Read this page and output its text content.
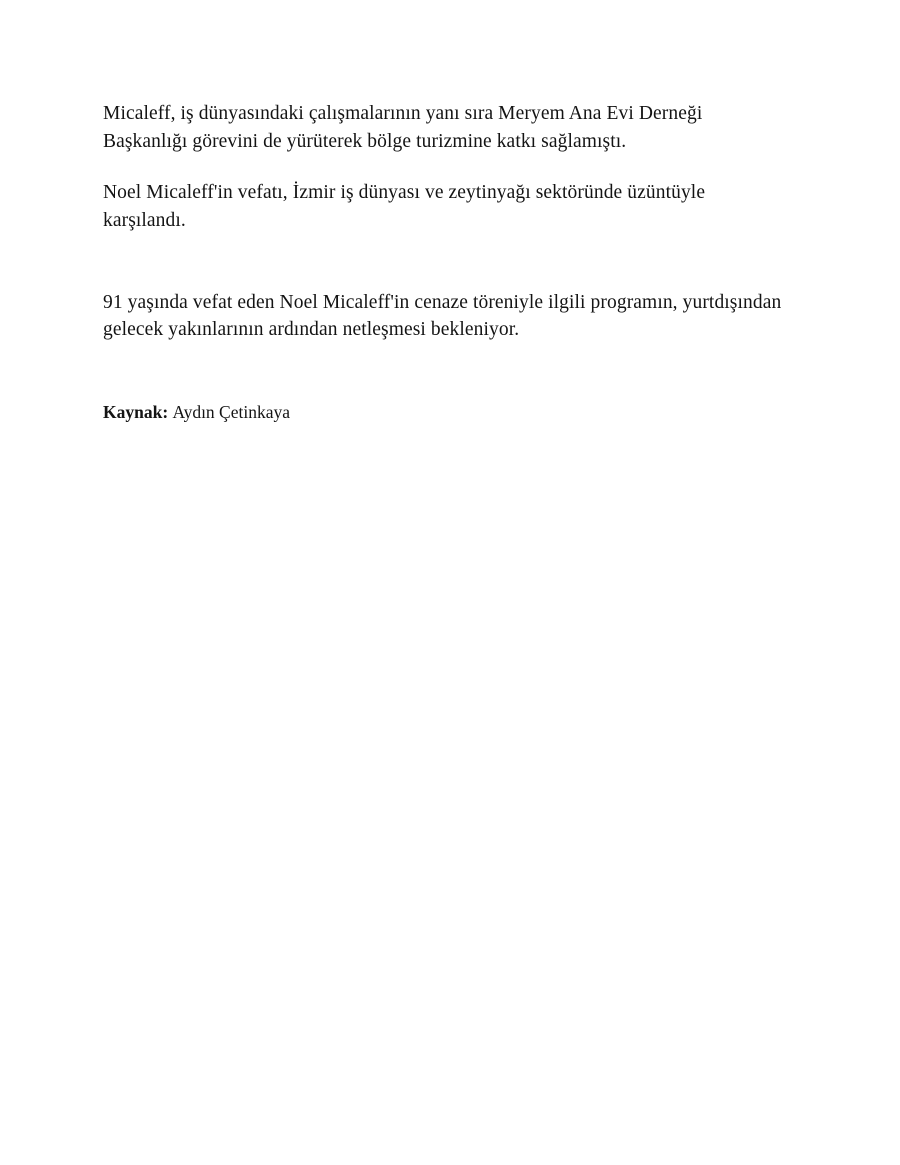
Micaleff, iş dünyasındaki çalışmalarının yanı sıra Meryem Ana Evi Derneği Başkanlığı görevini de yürüterek bölge turizmine katkı sağlamıştı.

Noel Micaleff'in vefatı, İzmir iş dünyası ve zeytinyağı sektöründe üzüntüyle karşılandı.

91 yaşında vefat eden Noel Micaleff'in cenaze töreniyle ilgili programın, yurtdışından gelecek yakınlarının ardından netleşmesi bekleniyor.

Kaynak: Aydın Çetinkaya
